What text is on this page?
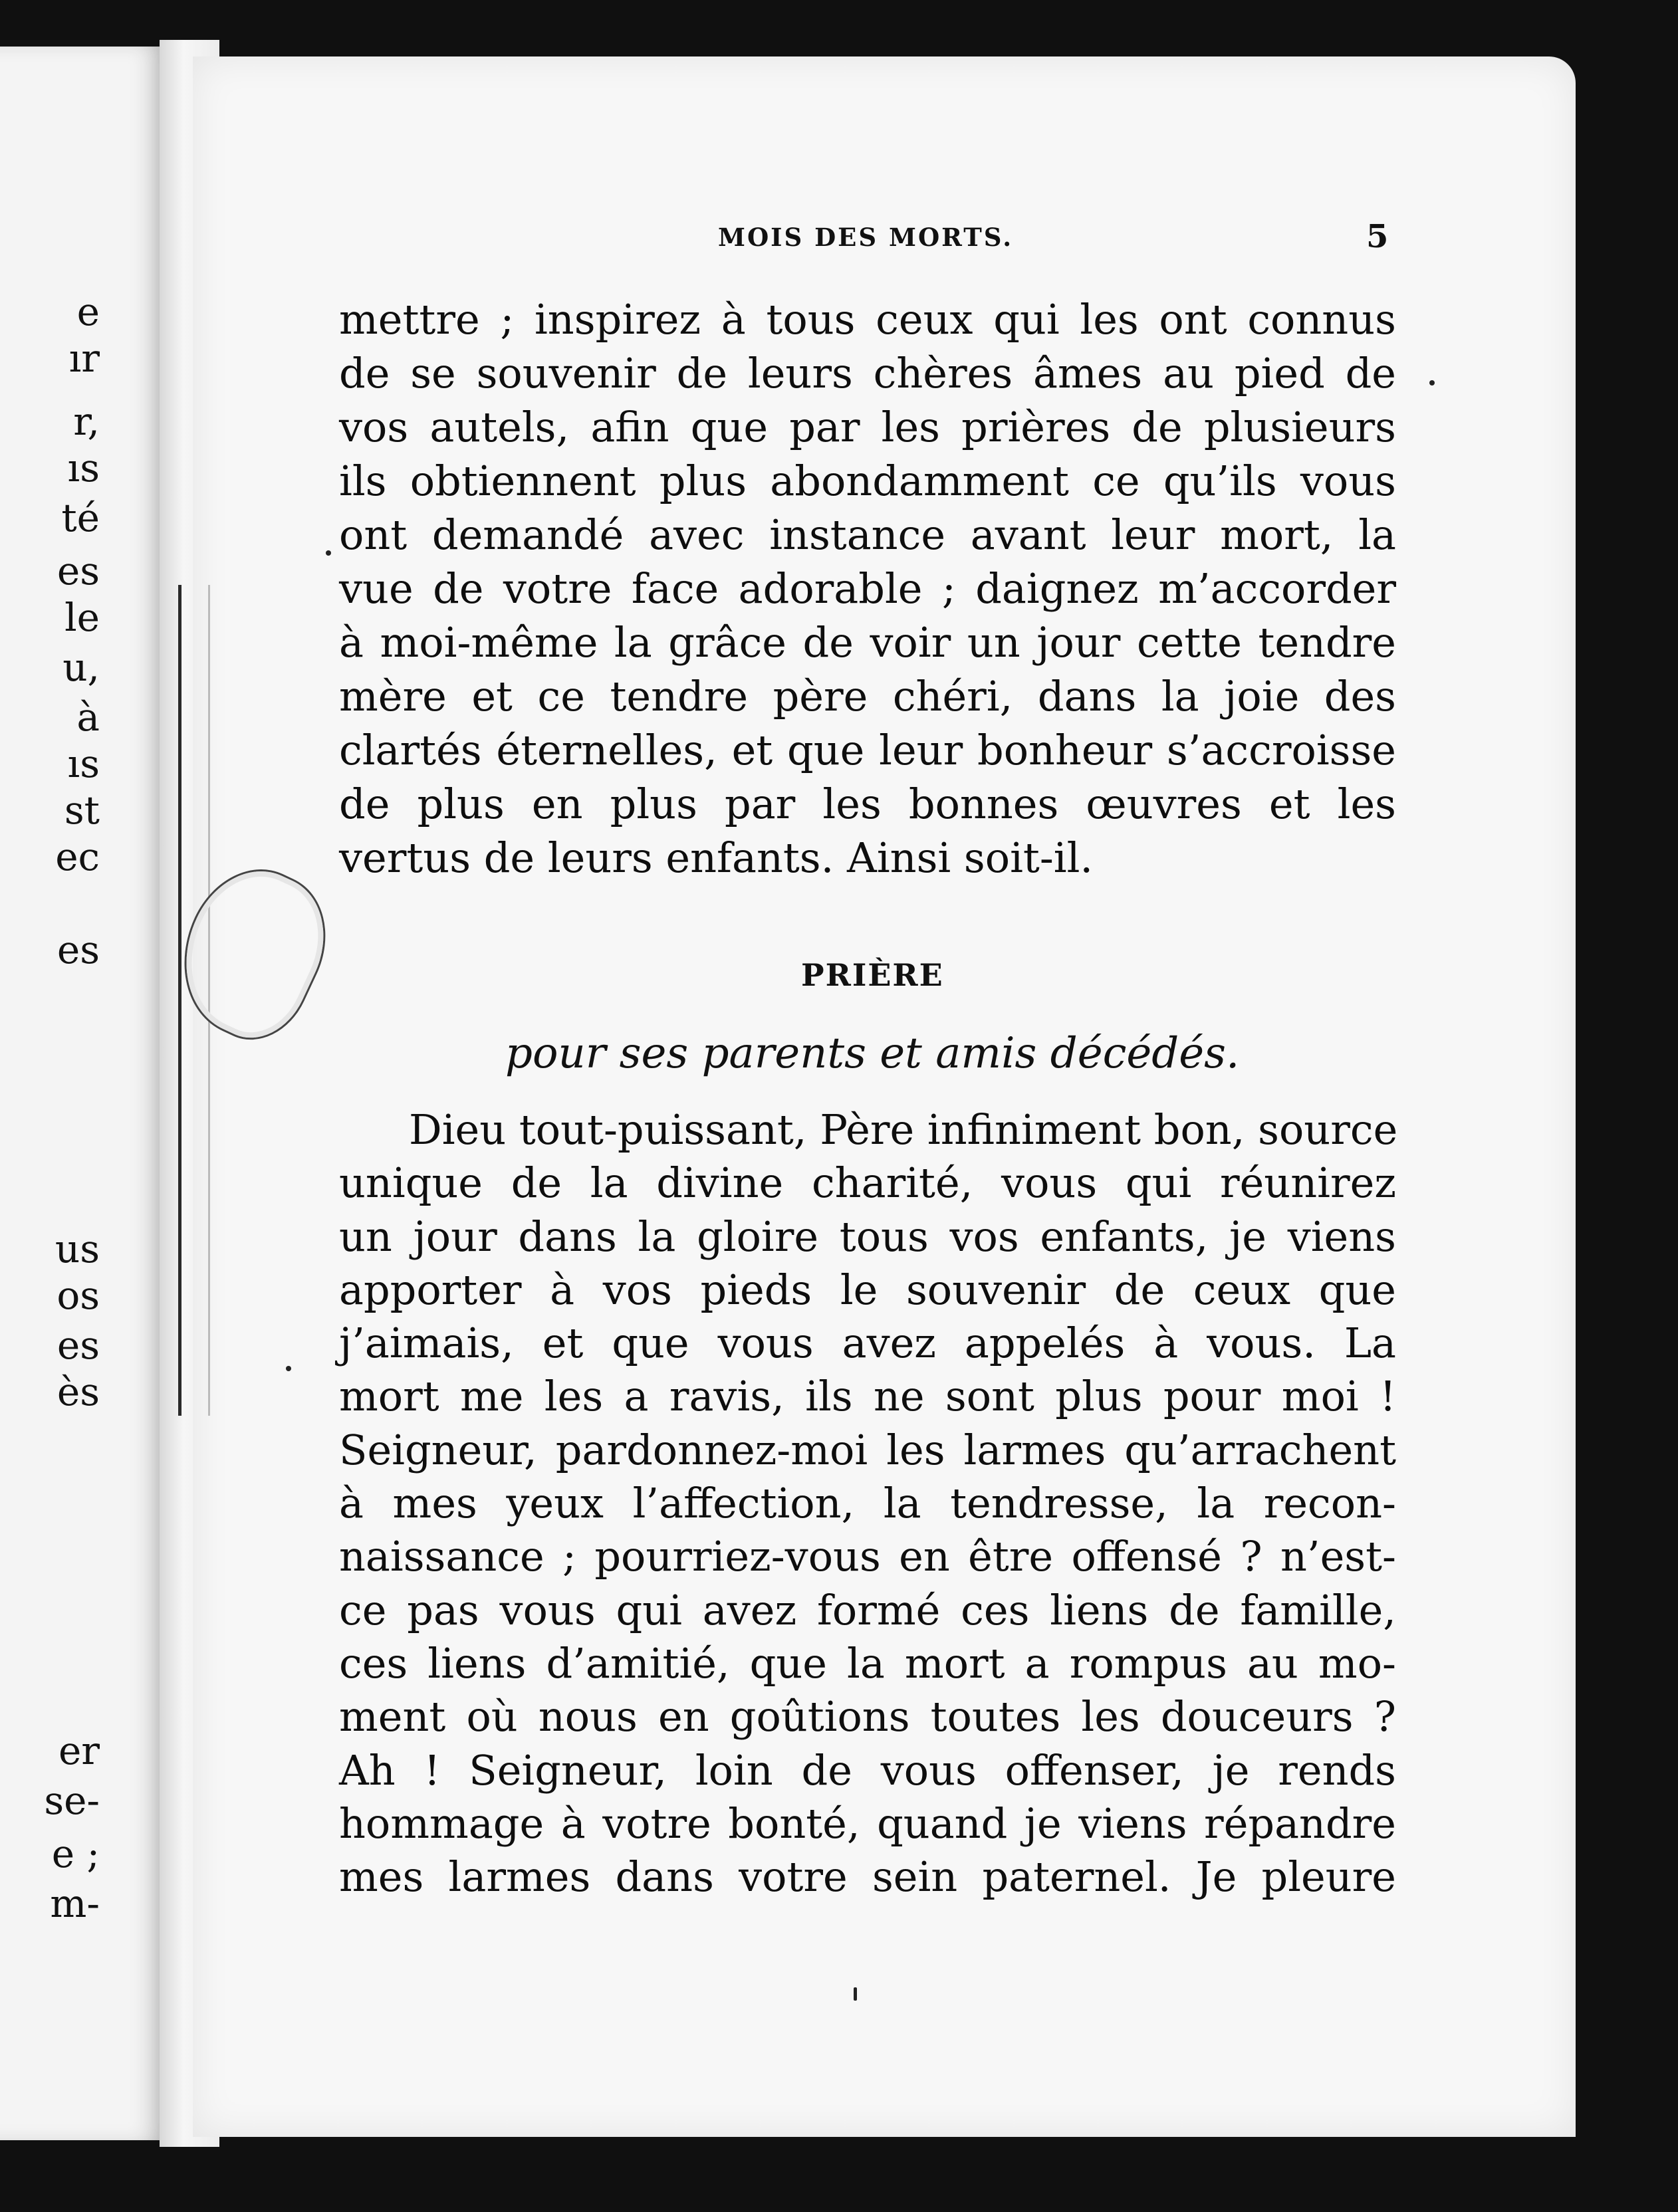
e
ır
r,
ıs
té
es
le
u,
à
ıs
st
ec
es
us
os
es
ès
er
se-
e ;
m-
MOIS DES MORTS.	5
mettre ; inspirez à tous ceux qui les ont connus
de se souvenir de leurs chères âmes au pied de
vos autels, afin que par les prières de plusieurs
ils obtiennent plus abondamment ce qu’ils vous
ont demandé avec instance avant leur mort, la
vue de votre face adorable ; daignez m’accorder
à moi-même la grâce de voir un jour cette tendre
mère et ce tendre père chéri, dans la joie des
clartés éternelles, et que leur bonheur s’accroisse
de plus en plus par les bonnes œuvres et les
vertus de leurs enfants. Ainsi soit-il.
PRIÈRE
pour ses parents et amis décédés.
Dieu tout-puissant, Père infiniment bon, source
unique de la divine charité, vous qui réunirez
un jour dans la gloire tous vos enfants, je viens
apporter à vos pieds le souvenir de ceux que
j’aimais, et que vous avez appelés à vous. La
mort me les a ravis, ils ne sont plus pour moi !
Seigneur, pardonnez-moi les larmes qu’arrachent
à mes yeux l’affection, la tendresse, la recon-
naissance ; pourriez-vous en être offensé ? n’est-
ce pas vous qui avez formé ces liens de famille,
ces liens d’amitié, que la mort a rompus au mo-
ment où nous en goûtions toutes les douceurs ?
Ah ! Seigneur, loin de vous offenser, je rends
hommage à votre bonté, quand je viens répandre
mes larmes dans votre sein paternel. Je pleure
